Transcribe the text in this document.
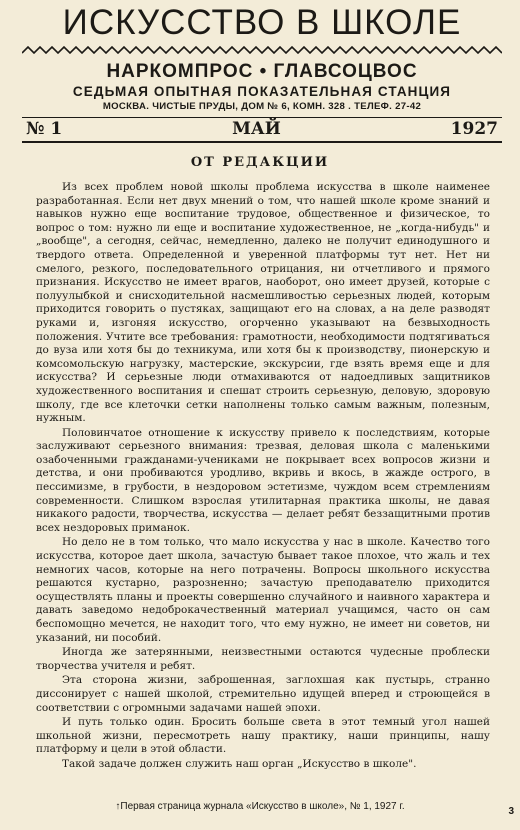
ИСКУССТВО В ШКОЛЕ
НАРКОМПРОС • ГЛАВСОЦВОС
СЕДЬМАЯ ОПЫТНАЯ ПОКАЗАТЕЛЬНАЯ СТАНЦИЯ
МОСКВА. ЧИСТЫЕ ПРУДЫ, ДОМ № 6, КОМН. 328 . ТЕЛЕФ. 27-42
№ 1	МАЙ	1927
ОТ РЕДАКЦИИ

Из всех проблем новой школы проблема искусства в школе наименее разработанная. Если нет двух мнений о том, что нашей школе кроме знаний и навыков нужно еще воспитание трудовое, общественное и физическое, то вопрос о том: нужно ли еще и воспитание художественное, не „когда-нибудь" и „вообще", а сегодня, сейчас, немедленно, далеко не получит единодушного и твердого ответа. Определенной и уверенной платформы тут нет. Нет ни смелого, резкого, последовательного отрицания, ни отчетливого и прямого признания. Искусство не имеет врагов, наоборот, оно имеет друзей, которые с полуулыбкой и снисходительной насмешливостью серьезных людей, которым приходится говорить о пустяках, защищают его на словах, а на деле разводят руками и, изгоняя искусство, огорченно указывают на безвыходность положения. Учтите все требования: грамотности, необходимости подтягиваться до вуза или хотя бы до техникума, или хотя бы к производству, пионерскую и комсомольскую нагрузку, мастерские, экскурсии, где взять время еще и для искусства? И серьезные люди отмахиваются от надоедливых защитников художественного воспитания и спешат строить серьезную, деловую, здоровую школу, где все клеточки сетки наполнены только самым важным, полезным, нужным.

Половинчатое отношение к искусству привело к последствиям, которые заслуживают серьезного внимания: трезвая, деловая школа с маленькими озабоченными гражданами-учениками не покрывает всех вопросов жизни и детства, и они пробиваются уродливо, вкривь и вкось, в жажде острого, в пессимизме, в грубости, в нездоровом эстетизме, чуждом всем стремлениям современности. Слишком взрослая утилитарная практика школы, не давая никакого радости, творчества, искусства — делает ребят беззащитными против всех нездоровых приманок.

Но дело не в том только, что мало искусства у нас в школе. Качество того искусства, которое дает школа, зачастую бывает такое плохое, что жаль и тех немногих часов, которые на него потрачены. Вопросы школьного искусства решаются кустарно, разрозненно; зачастую преподавателю приходится осуществлять планы и проекты совершенно случайного и наивного характера и давать заведомо недоброкачественный материал учащимся, часто он сам беспомощно мечется, не находит того, что ему нужно, не имеет ни советов, ни указаний, ни пособий.

Иногда же затерянными, неизвестными остаются чудесные проблески творчества учителя и ребят.

Эта сторона жизни, заброшенная, заглохшая как пустырь, странно диссонирует с нашей школой, стремительно идущей вперед и строющейся в соответствии с огромными задачами нашей эпохи.

И путь только один. Бросить больше света в этот темный угол нашей школьной жизни, пересмотреть нашу практику, наши принципы, нашу платформу и цели в этой области.

Такой задаче должен служить наш орган „Искусство в школе".

↑Первая страница журнала «Искусство в школе», № 1, 1927 г.	3
